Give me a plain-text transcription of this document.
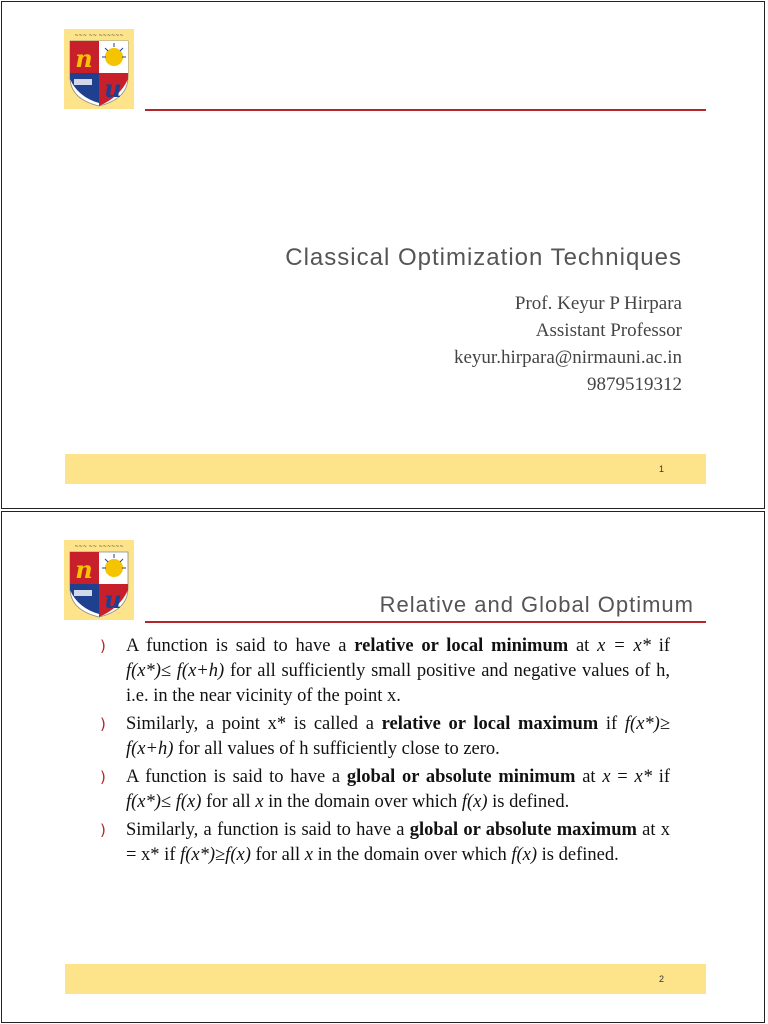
~~~ ~~ ~~~~~~
n
u
Classical Optimization Techniques
Prof. Keyur P Hirpara
Assistant Professor
keyur.hirpara@nirmauni.ac.in
9879519312
1
~~~ ~~ ~~~~~~
n
u	Relative and Global Optimum
) A function is said to have a relative or local minimum at x = x* if f(x*)≤ f(x+h) for all sufficiently small positive and negative values of h, i.e. in the near vicinity of the point x.
) Similarly, a point x* is called a relative or local maximum if f(x*)≥ f(x+h) for all values of h sufficiently close to zero.
) A function is said to have a global or absolute minimum at x = x* if f(x*)≤ f(x) for all x in the domain over which f(x) is defined.
) Similarly, a function is said to have a global or absolute maximum at x = x* if f(x*)≥f(x) for all x in the domain over which f(x) is defined.
2
